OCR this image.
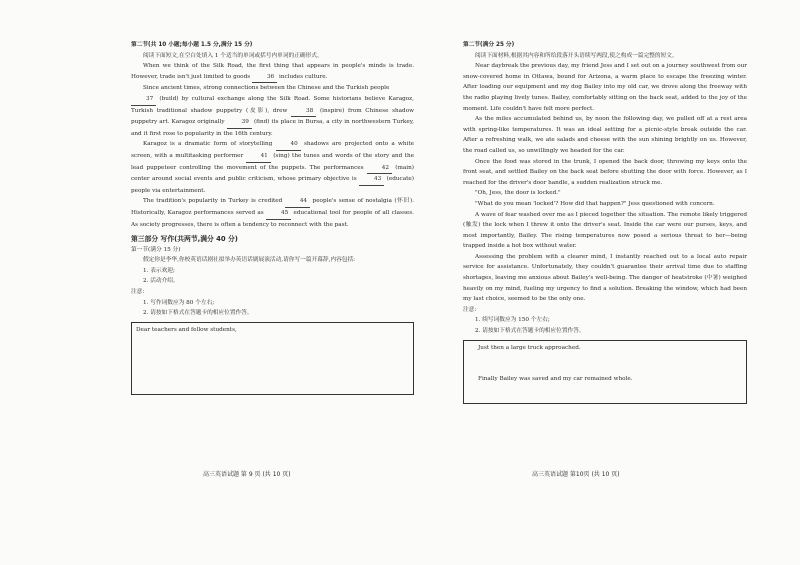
第二节(共 10 小题;每小题 1.5 分,满分 15 分)

阅读下面短文,在空白处填入 1 个适当的单词或括号内单词的正确形式。

When we think of the Silk Road, the first thing that appears in people's minds is trade. However, trade isn't just limited to goods	36 includes culture.

Since ancient times, strong connections between the Chinese and the Turkish people
37 (build) by cultural exchange along the Silk Road. Some historians believe Karagoz, Turkish traditional shadow puppetry (皮影), drew	38 (inspire) from Chinese shadow puppetry art. Karagoz originally	39 (find) its place in Bursa, a city in northwestern Turkey, and it first rose to popularity in the 16th century.

Karagoz is a dramatic form of storytelling	40 shadows are projected onto a white screen, with a multitasking performer	41 (sing) the tunes and words of the story and the lead puppeteer controlling the movement of the puppets. The performances	42 (main) center around social events and public criticism, whose primary objective is	43 (educate) people via entertainment.

The tradition's popularity in Turkey is credited	44 people's sense of nostalgia (怀旧). Historically, Karagoz performances served as	45 educational tool for people of all classes. As society progresses, there is often a tendency to reconnect with the past.

第三部分 写作(共两节,满分 40 分)

第一节(满分 15 分)

假定你是李华,你校英语话剧社拟举办英语话剧展演活动,请你写一篇开幕辞,内容包括:

1. 表示欢迎;

2. 活动介绍。

注意:

1. 写作词数应为 80 个左右;

2. 请按如下格式在答题卡的相应位置作答。

Dear teachers and fellow students,
高三英语试题 第 9 页 (共 10 页)

第二节(满分 25 分)

阅读下面材料,根据其内容和所给段落开头语续写两段,使之构成一篇完整的短文。

Near daybreak the previous day, my friend Jess and I set out on a journey southwest from our snow-covered home in Ottawa, bound for Arizona, a warm place to escape the freezing winter. After loading our equipment and my dog Bailey into my old car, we drove along the freeway with the radio playing lively tunes. Bailey, comfortably sitting on the back seat, added to the joy of the moment. Life couldn't have felt more perfect.

As the miles accumulated behind us, by noon the following day, we pulled off at a rest area with spring-like temperatures. It was an ideal setting for a picnic-style break outside the car. After a refreshing walk, we ate salads and cheese with the sun shining brightly on us. However, the road called us, so unwillingly we headed for the car.

Once the food was stored in the trunk, I opened the back door, throwing my keys onto the front seat, and settled Bailey on the back seat before shutting the door with force. However, as I reached for the driver's door handle, a sudden realization struck me.

"Oh, Jess, the door is locked."

"What do you mean 'locked'? How did that happen?" Jess questioned with concern.

A wave of fear washed over me as I pieced together the situation. The remote likely triggered (触发) the lock when I threw it onto the driver's seat. Inside the car were our purses, keys, and most importantly, Bailey. The rising temperatures now posed a serious threat to her—being trapped inside a hot box without water.

Assessing the problem with a clearer mind, I instantly reached out to a local auto repair service for assistance. Unfortunately, they couldn't guarantee their arrival time due to staffing shortages, leaving me anxious about Bailey's well-being. The danger of heatstroke (中暑) weighed heavily on my mind, fueling my urgency to find a solution. Breaking the window, which had been my last choice, seemed to be the only one.

注意:

1. 续写词数应为 150 个左右;

2. 请按如下格式在答题卡的相应位置作答。

Just then a large truck approached.
Finally Bailey was saved and my car remained whole.
高三英语试题 第10页 (共 10 页)
